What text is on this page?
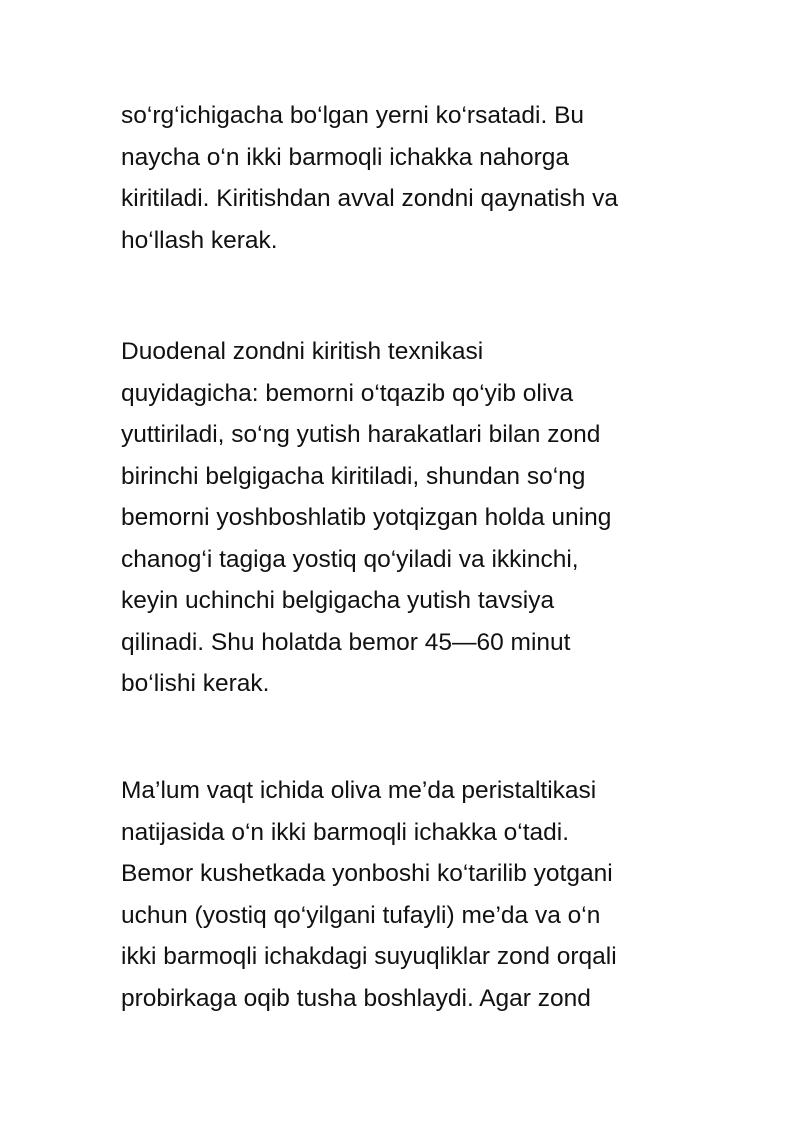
so‘rg‘ichigacha bo‘lgan yerni ko‘rsatadi. Bu
naycha o‘n ikki barmoqli ichakka nahorga
kiritiladi. Kiritishdan avval zondni qaynatish va
ho‘llash kerak.
Duodenal zondni kiritish texnikasi
quyidagicha: bemorni o‘tqazib qo‘yib oliva
yuttiriladi, so‘ng yutish harakatlari bilan zond
birinchi belgigacha kiritiladi, shundan so‘ng
bemorni yoshboshlatib yotqizgan holda uning
chanog‘i tagiga yostiq qo‘yiladi va ikkinchi,
keyin uchinchi belgigacha yutish tavsiya
qilinadi. Shu holatda bemor 45—60 minut
bo‘lishi kerak.
Ma’lum vaqt ichida oliva me’da peristaltikasi
natijasida o‘n ikki barmoqli ichakka o‘tadi.
Bemor kushetkada yonboshi ko‘tarilib yotgani
uchun (yostiq qo‘yilgani tufayli) me’da va o‘n
ikki barmoqli ichakdagi suyuqliklar zond orqali
probirkaga oqib tusha boshlaydi. Agar zond
